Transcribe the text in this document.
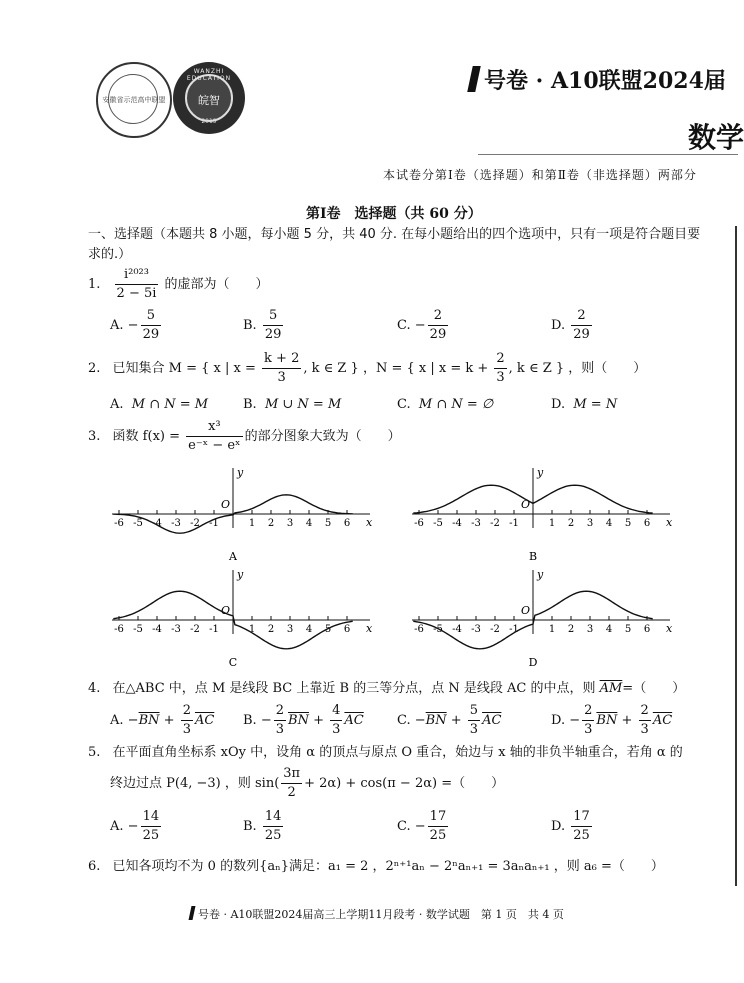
安徽省示范高中联盟
WANZHI EDUCATION
皖智
2019
号卷 · A10联盟2024届
数学
本试卷分第Ⅰ卷（选择题）和第Ⅱ卷（非选择题）两部分
第Ⅰ卷　选择题（共 60 分）
一、选择题（本题共 8 小题，每小题 5 分，共 40 分. 在每小题给出的四个选项中，只有一项是符合题目要求的.）
1. $\frac{\text{i²⁰²³}}{2 - 5i}$ 的虚部为（　　）
A. − $\frac{5}{29}$	B. $\frac{5}{29}$	C. − $\frac{2}{29}$	D. $\frac{2}{29}$
2. 已知集合 M = { x | $x = \frac{k + 2}{3}$ , k ∈ Z } ，N = { x | $x = k + \frac{2}{3}$ , k ∈ Z } ，则（　　）
A. M ∩ N = M	B. M ∪ N = M	C. M ∩ N = ∅	D. M = N
3. 函数 $f(x) = \frac{\text{x³}}{\text{e⁻ˣ − eˣ}}$ 的部分图象大致为（　　）
-6 -5 -4 -3 -2 -1	1 2 3 4 5 6
O
x
y
A
-6 -5 -4 -3 -2 -1	1 2 3 4 5 6
O
x
y
B
-6 -5 -4 -3 -2 -1	1 2 3 4 5 6
O
x
y
C
-6 -5 -4 -3 -2 -1	1 2 3 4 5 6
O
x
y
D
4. 在△ABC 中，点 M 是线段 BC 上靠近 B 的三等分点，点 N 是线段 AC 的中点，则 $\overline{AM}=$（　　）
A. $-\overline{BN} + \frac{2}{3} \overline{AC}$ B. − $\frac{2}{3} \overline{BN} + \frac{4}{3} \overline{AC}$	C. $-\overline{BN} + \frac{5}{3} \overline{AC}$	D. − $\frac{2}{3} \overline{BN} + \frac{2}{3} \overline{AC}$
5. 在平面直角坐标系 xOy 中，设角 α 的顶点与原点 O 重合，始边与 x 轴的非负半轴重合，若角 α 的
终边过点 P(4, −3) ，则 $\sin( \frac{3\pi}{2} + 2\alpha) + \cos(\pi - 2\alpha)$ =（　　）
A. − $\frac{14}{25}$	B. $\frac{14}{25}$	C. − $\frac{17}{25}$	D. $\frac{17}{25}$
6. 已知各项均不为 0 的数列{aₙ}满足：a₁ = 2 ，2ⁿ⁺¹aₙ − 2ⁿaₙ₊₁ = 3aₙaₙ₊₁ ，则 a₆ =（　　）
号卷 · A10联盟2024届高三上学期11月段考 · 数学试题　第 1 页　共 4 页
